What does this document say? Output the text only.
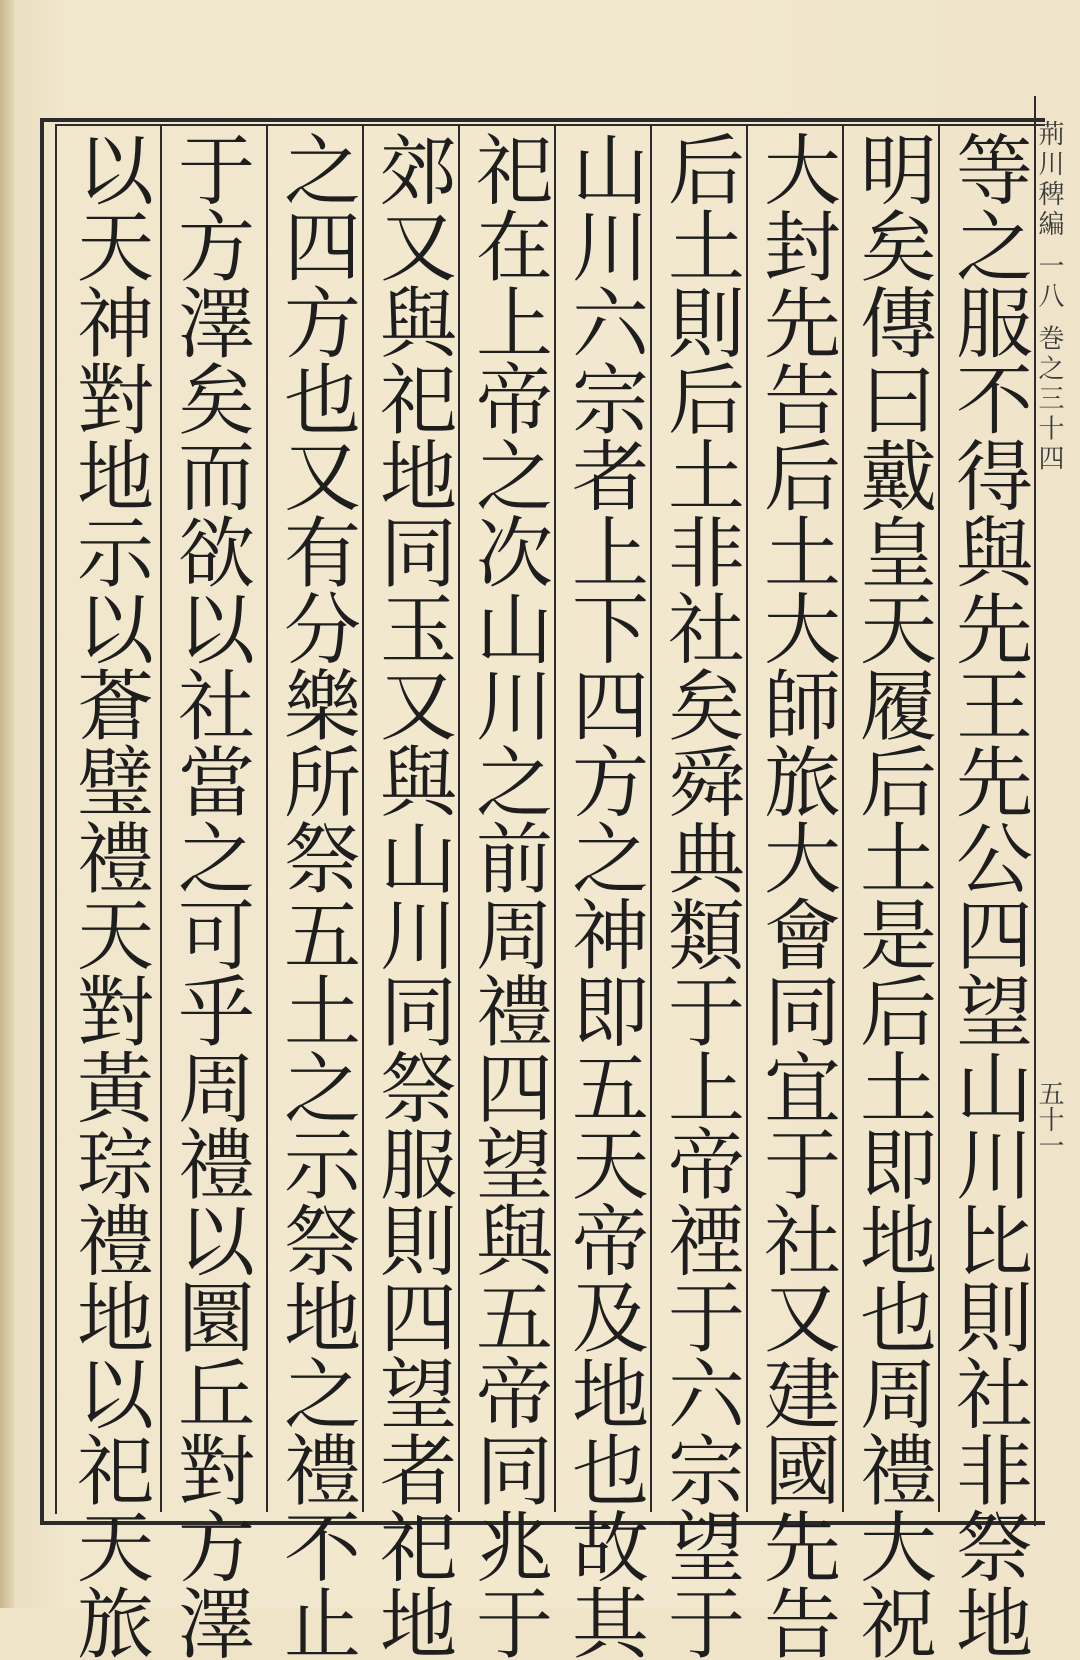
荊川稗編 一八 巻之三十四
五十一
等之服不得與先王先公四望山川比則社非祭地
明矣傳曰戴皇天履后土是后土即地也周禮大祝
大封先告后土大師旅大會同宜于社又建國先告
后土則后土非社矣舜典類于上帝禋于六宗望于
山川六宗者上下四方之神即五天帝及地也故其
祀在上帝之次山川之前周禮四望與五帝同兆于
郊又與祀地同玉又與山川同祭服則四望者祀地
之四方也又有分樂所祭五土之示祭地之禮不止
于方澤矣而欲以社當之可乎周禮以圜丘對方澤
以天神對地示以蒼璧禮天對黃琮禮地以祀天旅
